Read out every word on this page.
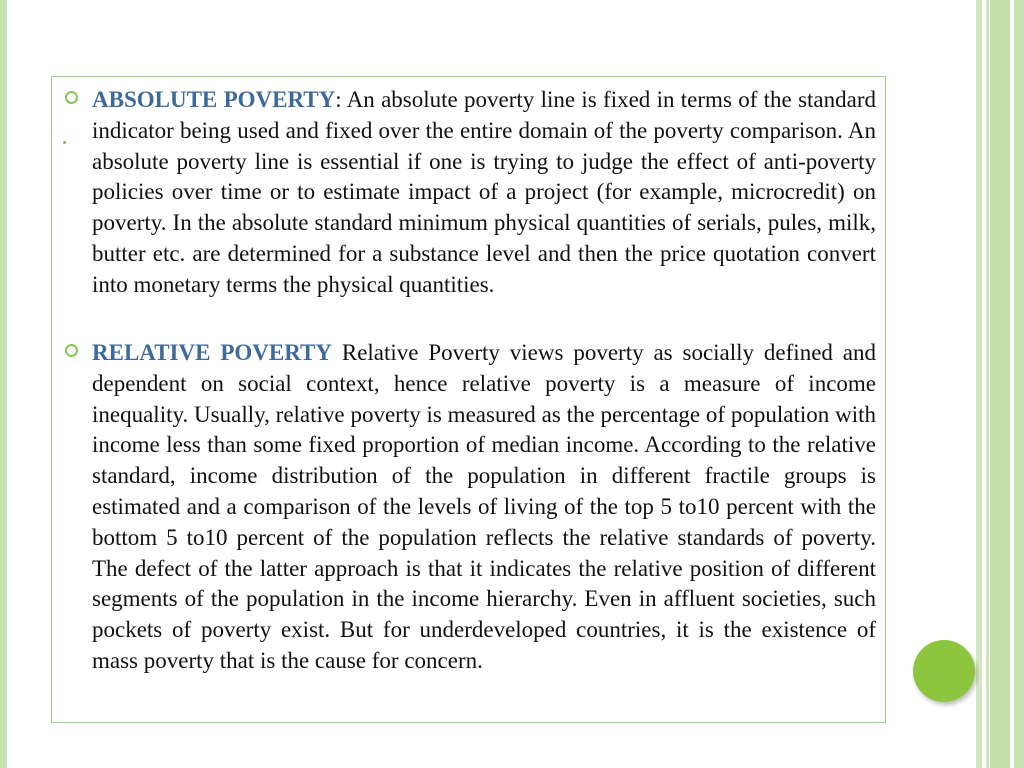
ABSOLUTE POVERTY: An absolute poverty line is fixed in terms of the standard indicator being used and fixed over the entire domain of the poverty comparison. An absolute poverty line is essential if one is trying to judge the effect of anti-poverty policies over time or to estimate impact of a project (for example, microcredit) on poverty. In the absolute standard minimum physical quantities of serials, pules, milk, butter etc. are determined for a substance level and then the price quotation convert into monetary terms the physical quantities.

RELATIVE POVERTY Relative Poverty views poverty as socially defined and dependent on social context, hence relative poverty is a measure of income inequality. Usually, relative poverty is measured as the percentage of population with income less than some fixed proportion of median income. According to the relative standard, income distribution of the population in different fractile groups is estimated and a comparison of the levels of living of the top 5 to10 percent with the bottom 5 to10 percent of the population reflects the relative standards of poverty. The defect of the latter approach is that it indicates the relative position of different segments of the population in the income hierarchy. Even in affluent societies, such pockets of poverty exist. But for underdeveloped countries, it is the existence of mass poverty that is the cause for concern.
